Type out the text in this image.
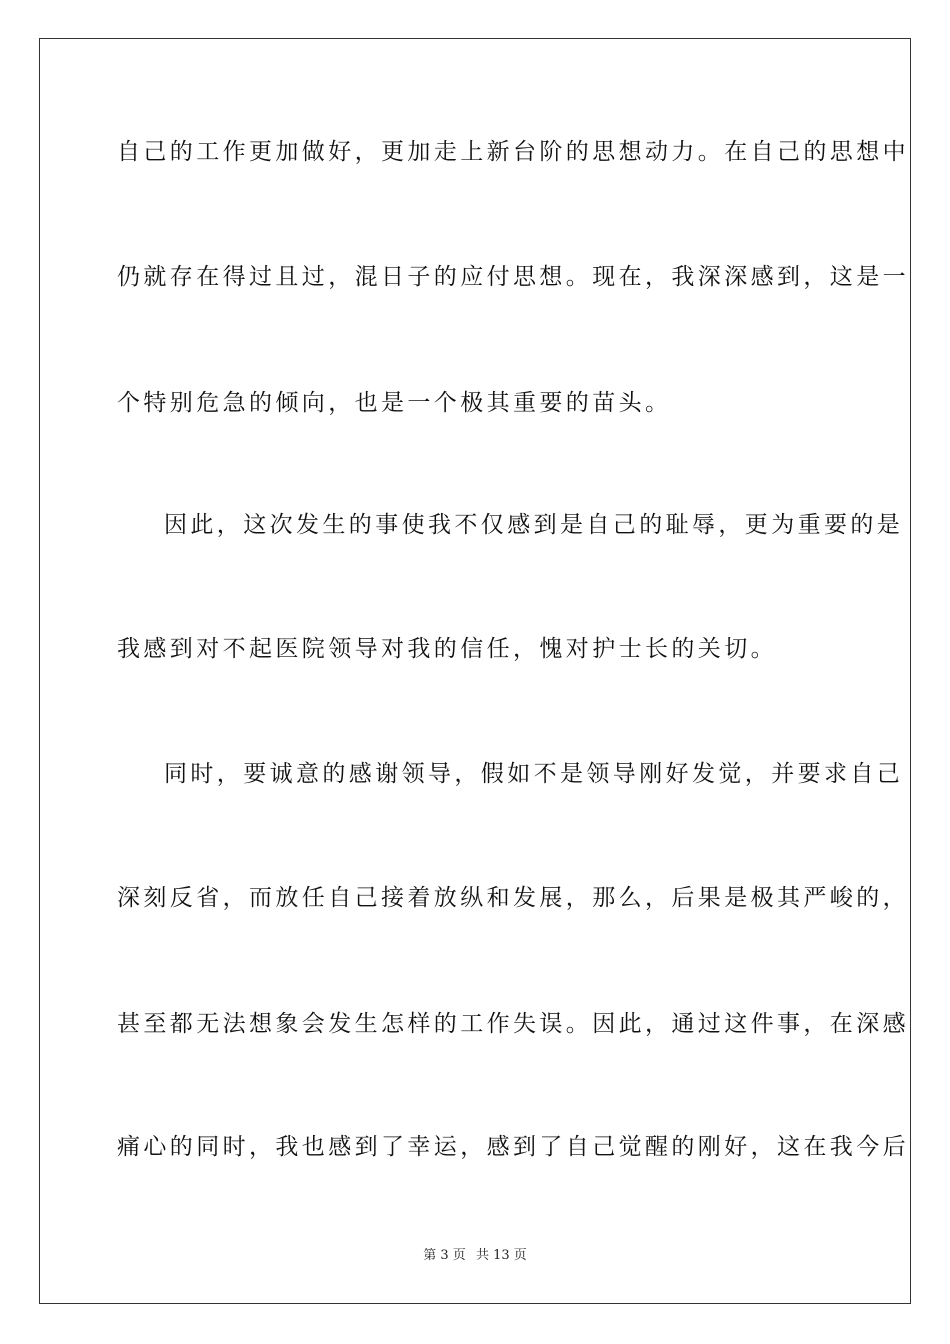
自己的工作更加做好，更加走上新台阶的思想动力。在自己的思想中

仍就存在得过且过，混日子的应付思想。现在，我深深感到，这是一

个特别危急的倾向，也是一个极其重要的苗头。

因此，这次发生的事使我不仅感到是自己的耻辱，更为重要的是

我感到对不起医院领导对我的信任，愧对护士长的关切。

同时，要诚意的感谢领导，假如不是领导刚好发觉，并要求自己

深刻反省，而放任自己接着放纵和发展，那么，后果是极其严峻的，

甚至都无法想象会发生怎样的工作失误。因此，通过这件事，在深感

痛心的同时，我也感到了幸运，感到了自己觉醒的刚好，这在我今后

第 3 页 共 13 页
